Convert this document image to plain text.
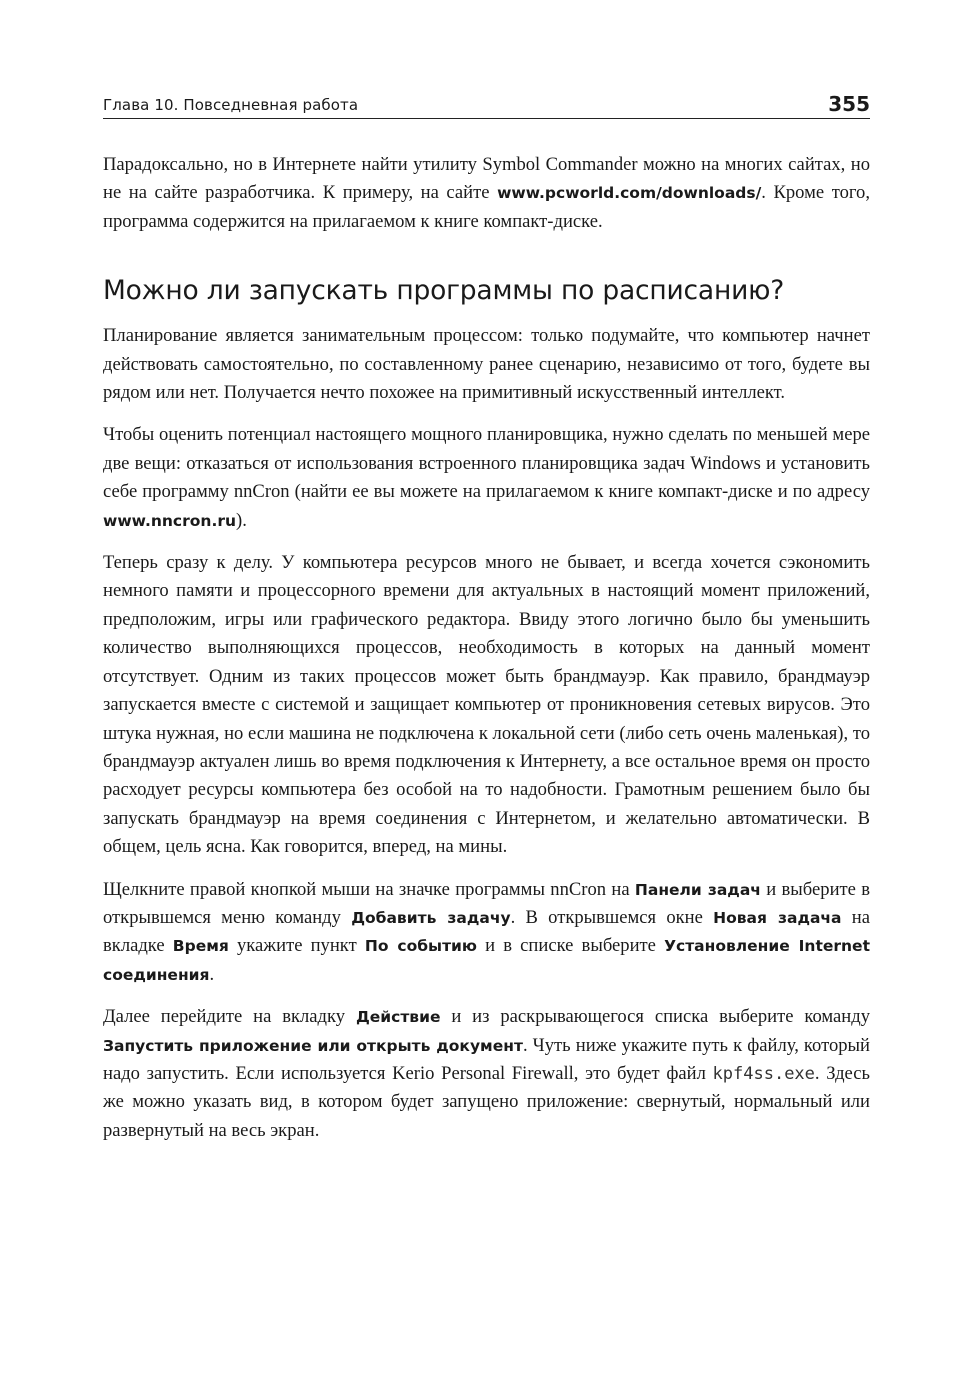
Глава 10. Повседневная работа	355

Парадоксально, но в Интернете найти утилиту Symbol Commander можно на многих сайтах, но не на сайте разработчика. К примеру, на сайте www.pcworld.com/downloads/. Кроме того, программа содержится на прилагаемом к книге компакт-диске.

Можно ли запускать программы по расписанию?

Планирование является занимательным процессом: только подумайте, что компьютер начнет действовать самостоятельно, по составленному ранее сценарию, независимо от того, будете вы рядом или нет. Получается нечто похожее на примитивный искусственный интеллект.

Чтобы оценить потенциал настоящего мощного планировщика, нужно сделать по меньшей мере две вещи: отказаться от использования встроенного планировщика задач Windows и установить себе программу nnCron (найти ее вы можете на прилагаемом к книге компакт-диске и по адресу www.nncron.ru).

Теперь сразу к делу. У компьютера ресурсов много не бывает, и всегда хочется сэкономить немного памяти и процессорного времени для актуальных в настоящий момент приложений, предположим, игры или графического редактора. Ввиду этого логично было бы уменьшить количество выполняющихся процессов, необходимость в которых на данный момент отсутствует. Одним из таких процессов может быть брандмауэр. Как правило, брандмауэр запускается вместе с системой и защищает компьютер от проникновения сетевых вирусов. Это штука нужная, но если машина не подключена к локальной сети (либо сеть очень маленькая), то брандмауэр актуален лишь во время подключения к Интернету, а все остальное время он просто расходует ресурсы компьютера без особой на то надобности. Грамотным решением было бы запускать брандмауэр на время соединения с Интернетом, и желательно автоматически. В общем, цель ясна. Как говорится, вперед, на мины.

Щелкните правой кнопкой мыши на значке программы nnCron на Панели задач и выберите в открывшемся меню команду Добавить задачу. В открывшемся окне Новая задача на вкладке Время укажите пункт По событию и в списке выберите Установление Internet соединения.

Далее перейдите на вкладку Действие и из раскрывающегося списка выберите команду Запустить приложение или открыть документ. Чуть ниже укажите путь к файлу, который надо запустить. Если используется Kerio Personal Firewall, это будет файл kpf4ss.exe. Здесь же можно указать вид, в котором будет запущено приложение: свернутый, нормальный или развернутый на весь экран.
